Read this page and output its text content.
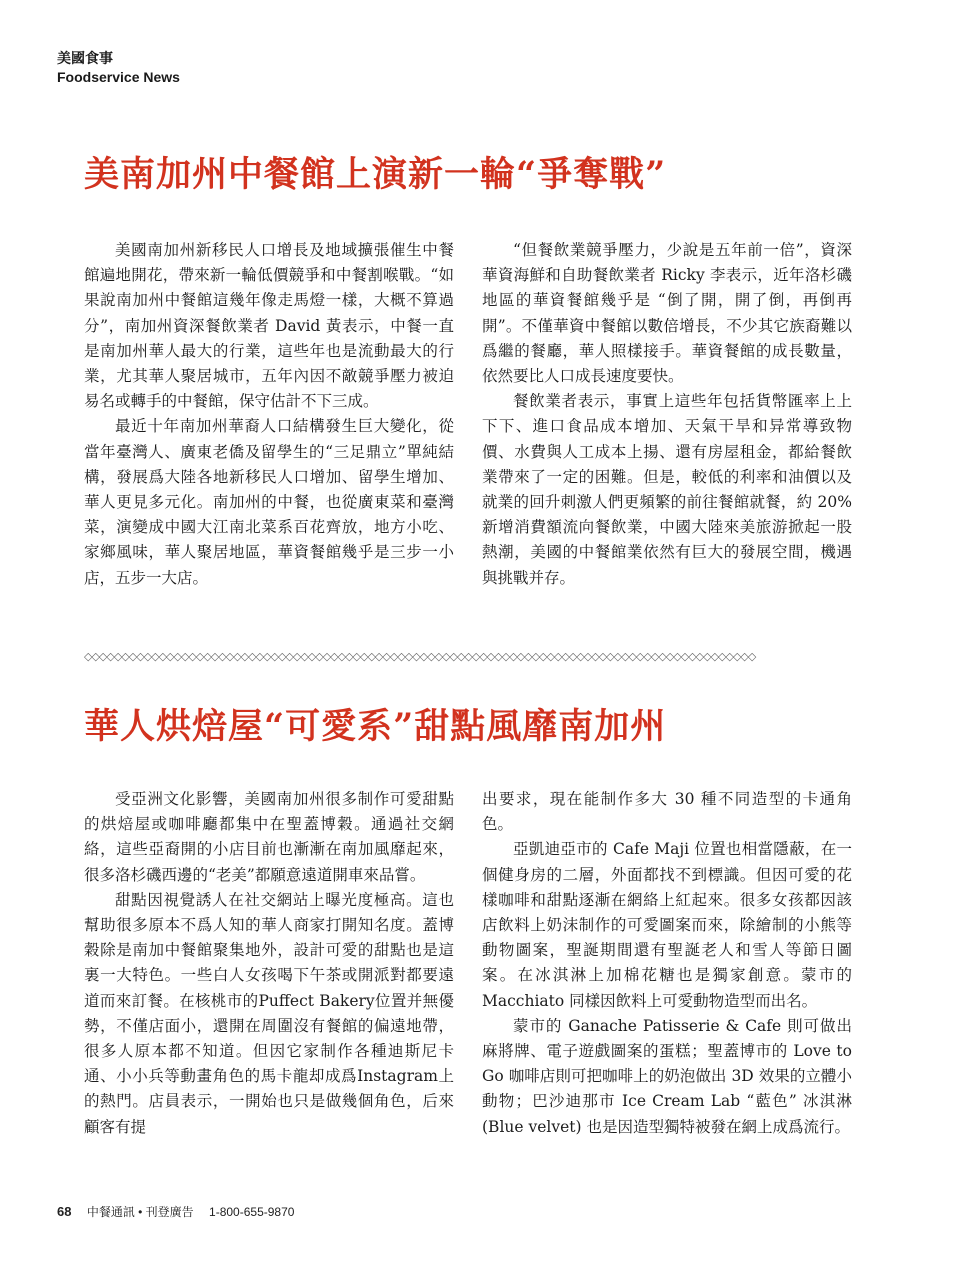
美國食事
Foodservice News
美南加州中餐館上演新一輪“爭奪戰”

美國南加州新移民人口增長及地域擴張催生中餐館遍地開花，帶來新一輪低價競爭和中餐割喉戰。“如果說南加州中餐館這幾年像走馬燈一樣，大概不算過分”，南加州資深餐飲業者 David 黃表示，中餐一直是南加州華人最大的行業，這些年也是流動最大的行業，尤其華人聚居城市，五年內因不敵競爭壓力被迫易名或轉手的中餐館，保守估計不下三成。

最近十年南加州華裔人口結構發生巨大變化，從當年臺灣人、廣東老僑及留學生的“三足鼎立”單純結構，發展爲大陸各地新移民人口增加、留學生增加、華人更見多元化。南加州的中餐，也從廣東菜和臺灣菜，演變成中國大江南北菜系百花齊放，地方小吃、家鄉風味，華人聚居地區，華資餐館幾乎是三步一小店，五步一大店。

“但餐飲業競爭壓力，少說是五年前一倍”，資深華資海鮮和自助餐飲業者 Ricky 李表示，近年洛杉磯地區的華資餐館幾乎是 “倒了開，開了倒，再倒再開”。不僅華資中餐館以數倍增長，不少其它族裔難以爲繼的餐廳，華人照樣接手。華資餐館的成長數量，依然要比人口成長速度要快。

餐飲業者表示，事實上這些年包括貨幣匯率上上下下、進口食品成本增加、天氣干旱和异常導致物價、水費與人工成本上揚、還有房屋租金，都給餐飲業帶來了一定的困難。但是，較低的利率和油價以及就業的回升刺激人們更頻繁的前往餐館就餐，約 20% 新增消費額流向餐飲業，中國大陸來美旅游掀起一股熱潮，美國的中餐館業依然有巨大的發展空間，機遇與挑戰并存。

◇◇◇◇◇◇◇◇◇◇◇◇◇◇◇◇◇◇◇◇◇◇◇◇◇◇◇◇◇◇◇◇◇◇◇◇◇◇◇◇◇◇◇◇◇◇◇◇◇◇◇◇◇◇◇◇◇◇◇◇◇◇◇◇◇◇◇◇◇◇◇◇◇◇◇◇◇◇◇◇◇◇◇◇◇◇◇◇◇◇
華人烘焙屋“可愛系”甜點風靡南加州

受亞洲文化影響，美國南加州很多制作可愛甜點的烘焙屋或咖啡廳都集中在聖蓋博穀。通過社交網絡，這些亞裔開的小店目前也漸漸在南加風靡起來，很多洛杉磯西邊的“老美”都願意遠道開車來品嘗。

甜點因視覺誘人在社交網站上曝光度極高。這也幫助很多原本不爲人知的華人商家打開知名度。蓋博穀除是南加中餐館聚集地外，設計可愛的甜點也是這裏一大特色。一些白人女孩喝下午茶或開派對都要遠道而來訂餐。在核桃市的Puffect Bakery位置并無優勢，不僅店面小，還開在周圍沒有餐館的偏遠地帶，很多人原本都不知道。但因它家制作各種迪斯尼卡通、小小兵等動畫角色的馬卡龍却成爲Instagram上的熱門。店員表示，一開始也只是做幾個角色，后來顧客有提

出要求，現在能制作多大 30 種不同造型的卡通角色。

亞凱迪亞市的 Cafe Maji 位置也相當隱蔽，在一個健身房的二層，外面都找不到標識。但因可愛的花樣咖啡和甜點逐漸在網絡上紅起來。很多女孩都因該店飲料上奶沫制作的可愛圖案而來，除繪制的小熊等動物圖案，聖誕期間還有聖誕老人和雪人等節日圖案。在冰淇淋上加棉花糖也是獨家創意。蒙市的 Macchiato 同樣因飲料上可愛動物造型而出名。

蒙市的 Ganache Patisserie & Cafe 則可做出麻將牌、電子遊戲圖案的蛋糕；聖蓋博市的 Love to Go 咖啡店則可把咖啡上的奶泡做出 3D 效果的立體小動物；巴沙迪那市 Ice Cream Lab “藍色” 冰淇淋 (Blue velvet) 也是因造型獨特被發在網上成爲流行。

68 中餐通訊 • 刊登廣告 1-800-655-9870
